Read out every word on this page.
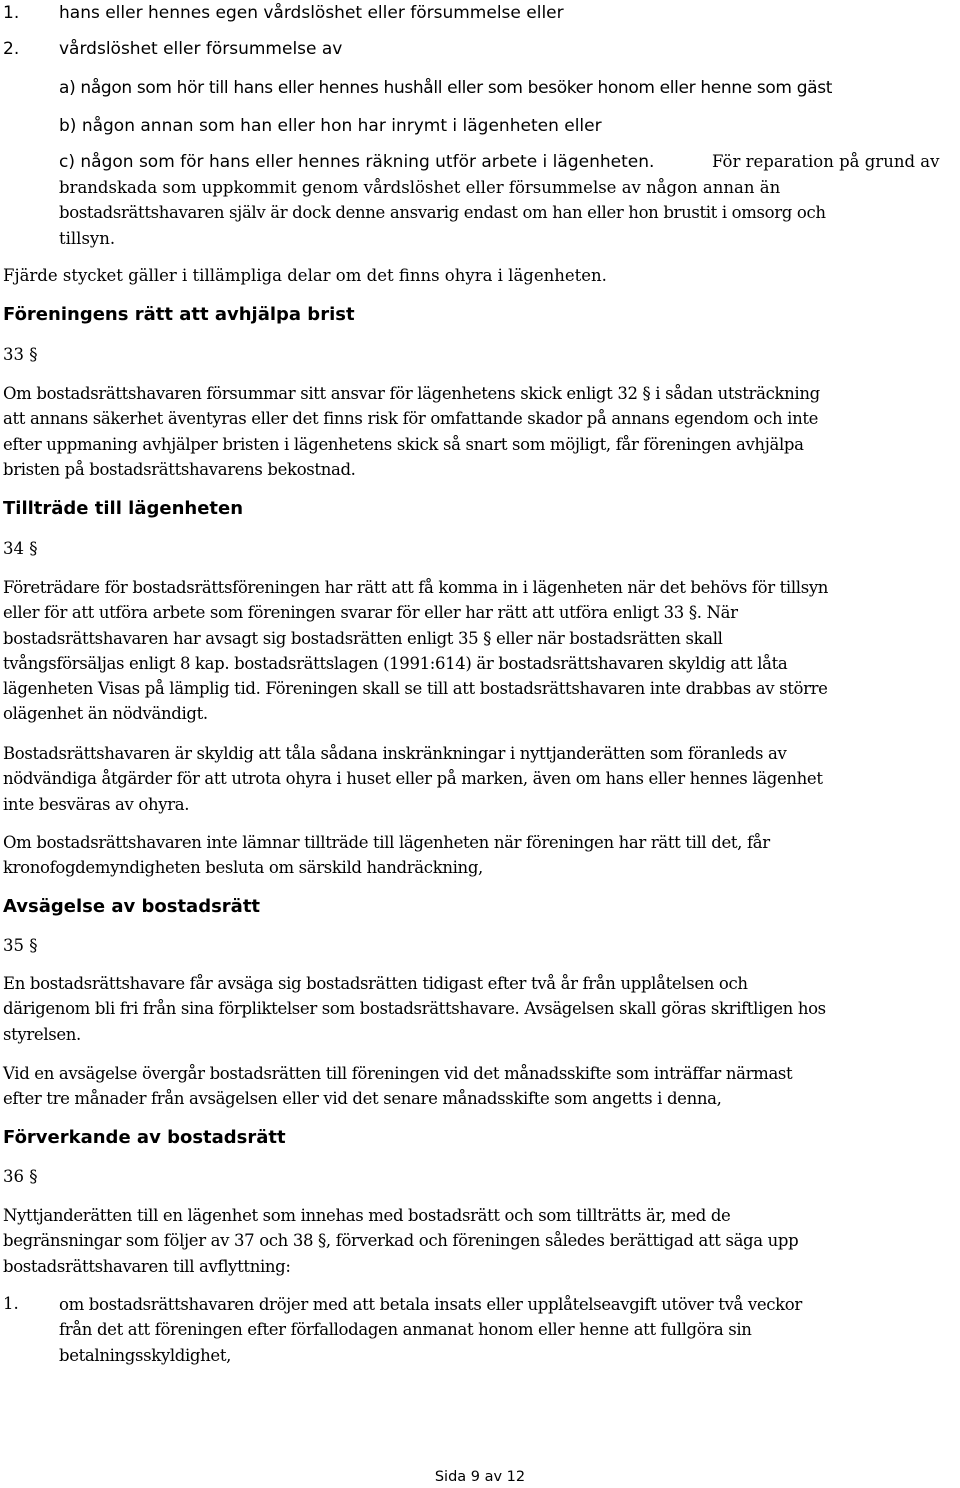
1. hans eller hennes egen vårdslöshet eller försummelse eller
2. vårdslöshet eller försummelse av
a) någon som hör till hans eller hennes hushåll eller som besöker honom eller henne som gäst
b) någon annan som han eller hon har inrymt i lägenheten eller
c) någon som för hans eller hennes räkning utför arbete i lägenheten.	För reparation på grund av
brandskada som uppkommit genom vårdslöshet eller försummelse av någon annan än
bostadsrättshavaren själv är dock denne ansvarig endast om han eller hon brustit i omsorg och
tillsyn.
Fjärde stycket gäller i tillämpliga delar om det finns ohyra i lägenheten.
Föreningens rätt att avhjälpa brist
33 §
Om bostadsrättshavaren försummar sitt ansvar för lägenhetens skick enligt 32 § i sådan utsträckning
att annans säkerhet äventyras eller det finns risk för omfattande skador på annans egendom och inte
efter uppmaning avhjälper bristen i lägenhetens skick så snart som möjligt, får föreningen avhjälpa
bristen på bostadsrättshavarens bekostnad.
Tillträde till lägenheten
34 §
Företrädare för bostadsrättsföreningen har rätt att få komma in i lägenheten när det behövs för tillsyn
eller för att utföra arbete som föreningen svarar för eller har rätt att utföra enligt 33 §. När
bostadsrättshavaren har avsagt sig bostadsrätten enligt 35 § eller när bostadsrätten skall
tvångsförsäljas enligt 8 kap. bostadsrättslagen (1991:614) är bostadsrättshavaren skyldig att låta
lägenheten Visas på lämplig tid. Föreningen skall se till att bostadsrättshavaren inte drabbas av större
olägenhet än nödvändigt.
Bostadsrättshavaren är skyldig att tåla sådana inskränkningar i nyttjanderätten som föranleds av
nödvändiga åtgärder för att utrota ohyra i huset eller på marken, även om hans eller hennes lägenhet
inte besväras av ohyra.
Om bostadsrättshavaren inte lämnar tillträde till lägenheten när föreningen har rätt till det, får
kronofogdemyndigheten besluta om särskild handräckning,
Avsägelse av bostadsrätt
35 §
En bostadsrättshavare får avsäga sig bostadsrätten tidigast efter två år från upplåtelsen och
därigenom bli fri från sina förpliktelser som bostadsrättshavare. Avsägelsen skall göras skriftligen hos
styrelsen.
Vid en avsägelse övergår bostadsrätten till föreningen vid det månadsskifte som inträffar närmast
efter tre månader från avsägelsen eller vid det senare månadsskifte som angetts i denna,
Förverkande av bostadsrätt
36 §
Nyttjanderätten till en lägenhet som innehas med bostadsrätt och som tillträtts är, med de
begränsningar som följer av 37 och 38 §, förverkad och föreningen således berättigad att säga upp
bostadsrättshavaren till avflyttning:
1. om bostadsrättshavaren dröjer med att betala insats eller upplåtelseavgift utöver två veckor
från det att föreningen efter förfallodagen anmanat honom eller henne att fullgöra sin
betalningsskyldighet,
Sida 9 av 12
